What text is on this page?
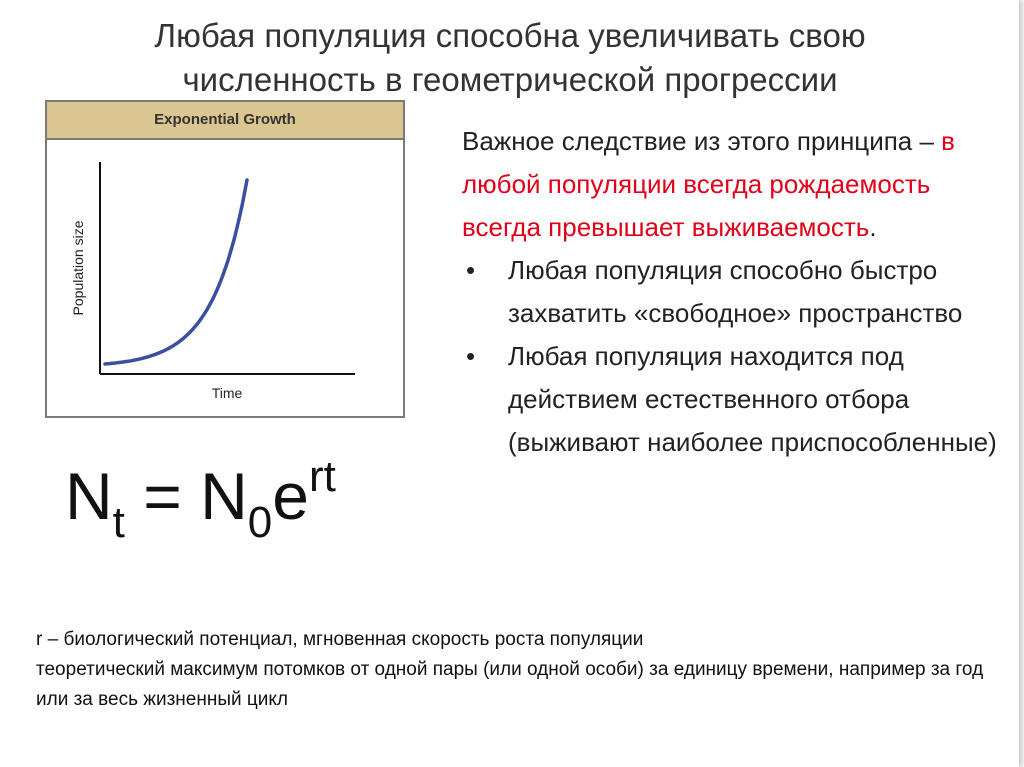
Любая популяция способна увеличивать свою
численность в геометрической прогрессии
Population size
Time
Exponential Growth
$N_t = N_0e^{rt}$
Важное следствие из этого принципа – в любой популяции всегда рождаемость всегда превышает выживаемость.
• Любая популяция способно быстро захватить «свободное» пространство
• Любая популяция находится под действием естественного отбора (выживают наиболее приспособленные)
r – биологический потенциал, мгновенная скорость роста популяции
теоретический максимум потомков от одной пары (или одной особи) за единицу времени, например за год или за весь жизненный цикл
